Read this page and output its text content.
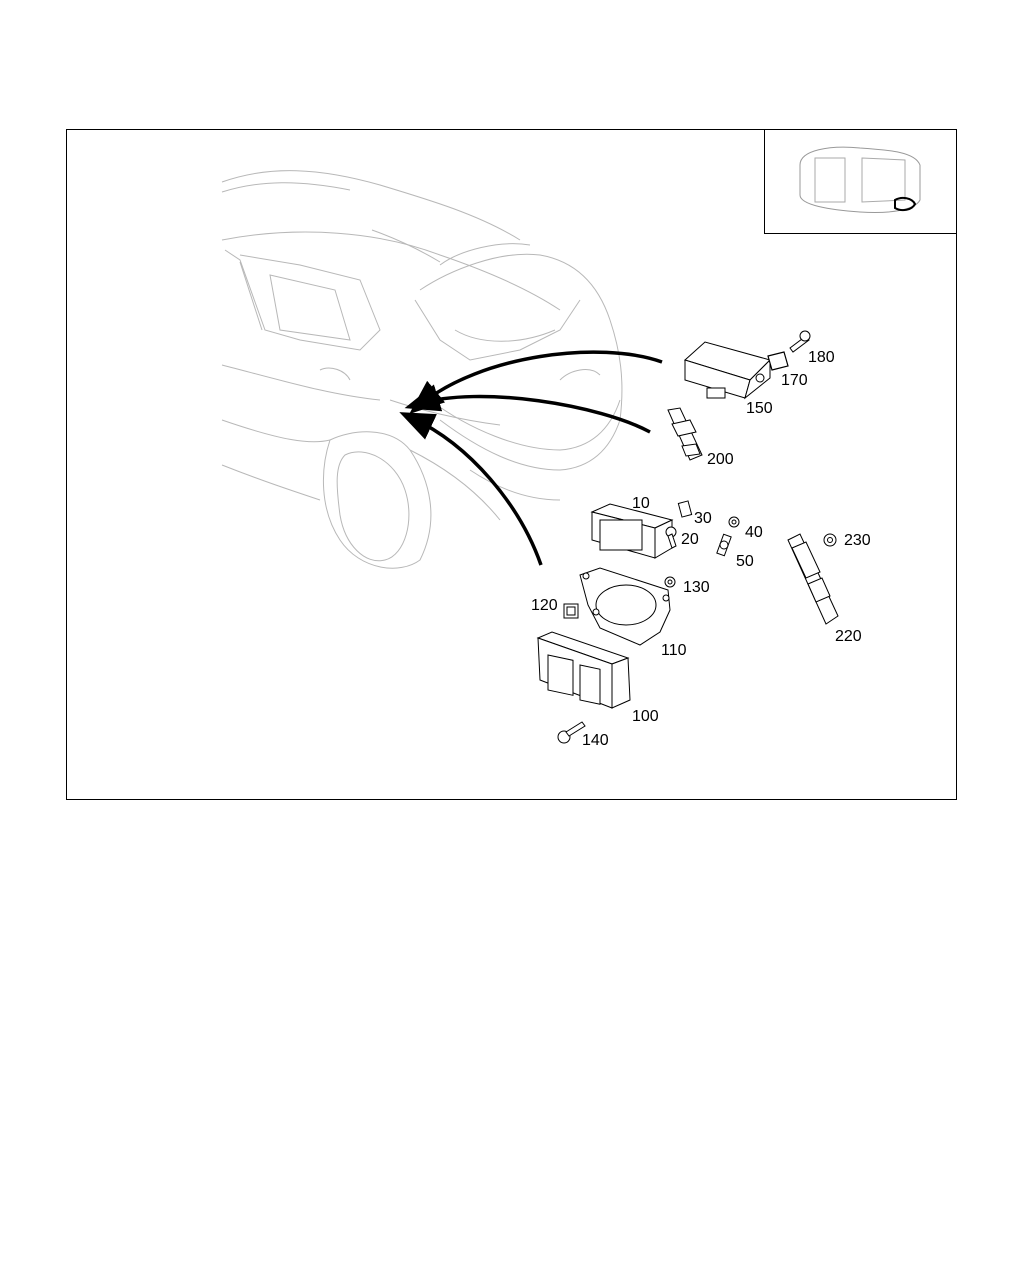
10
20
30
40
50
100
110
120
130
140
150
170
180
200
220
230
